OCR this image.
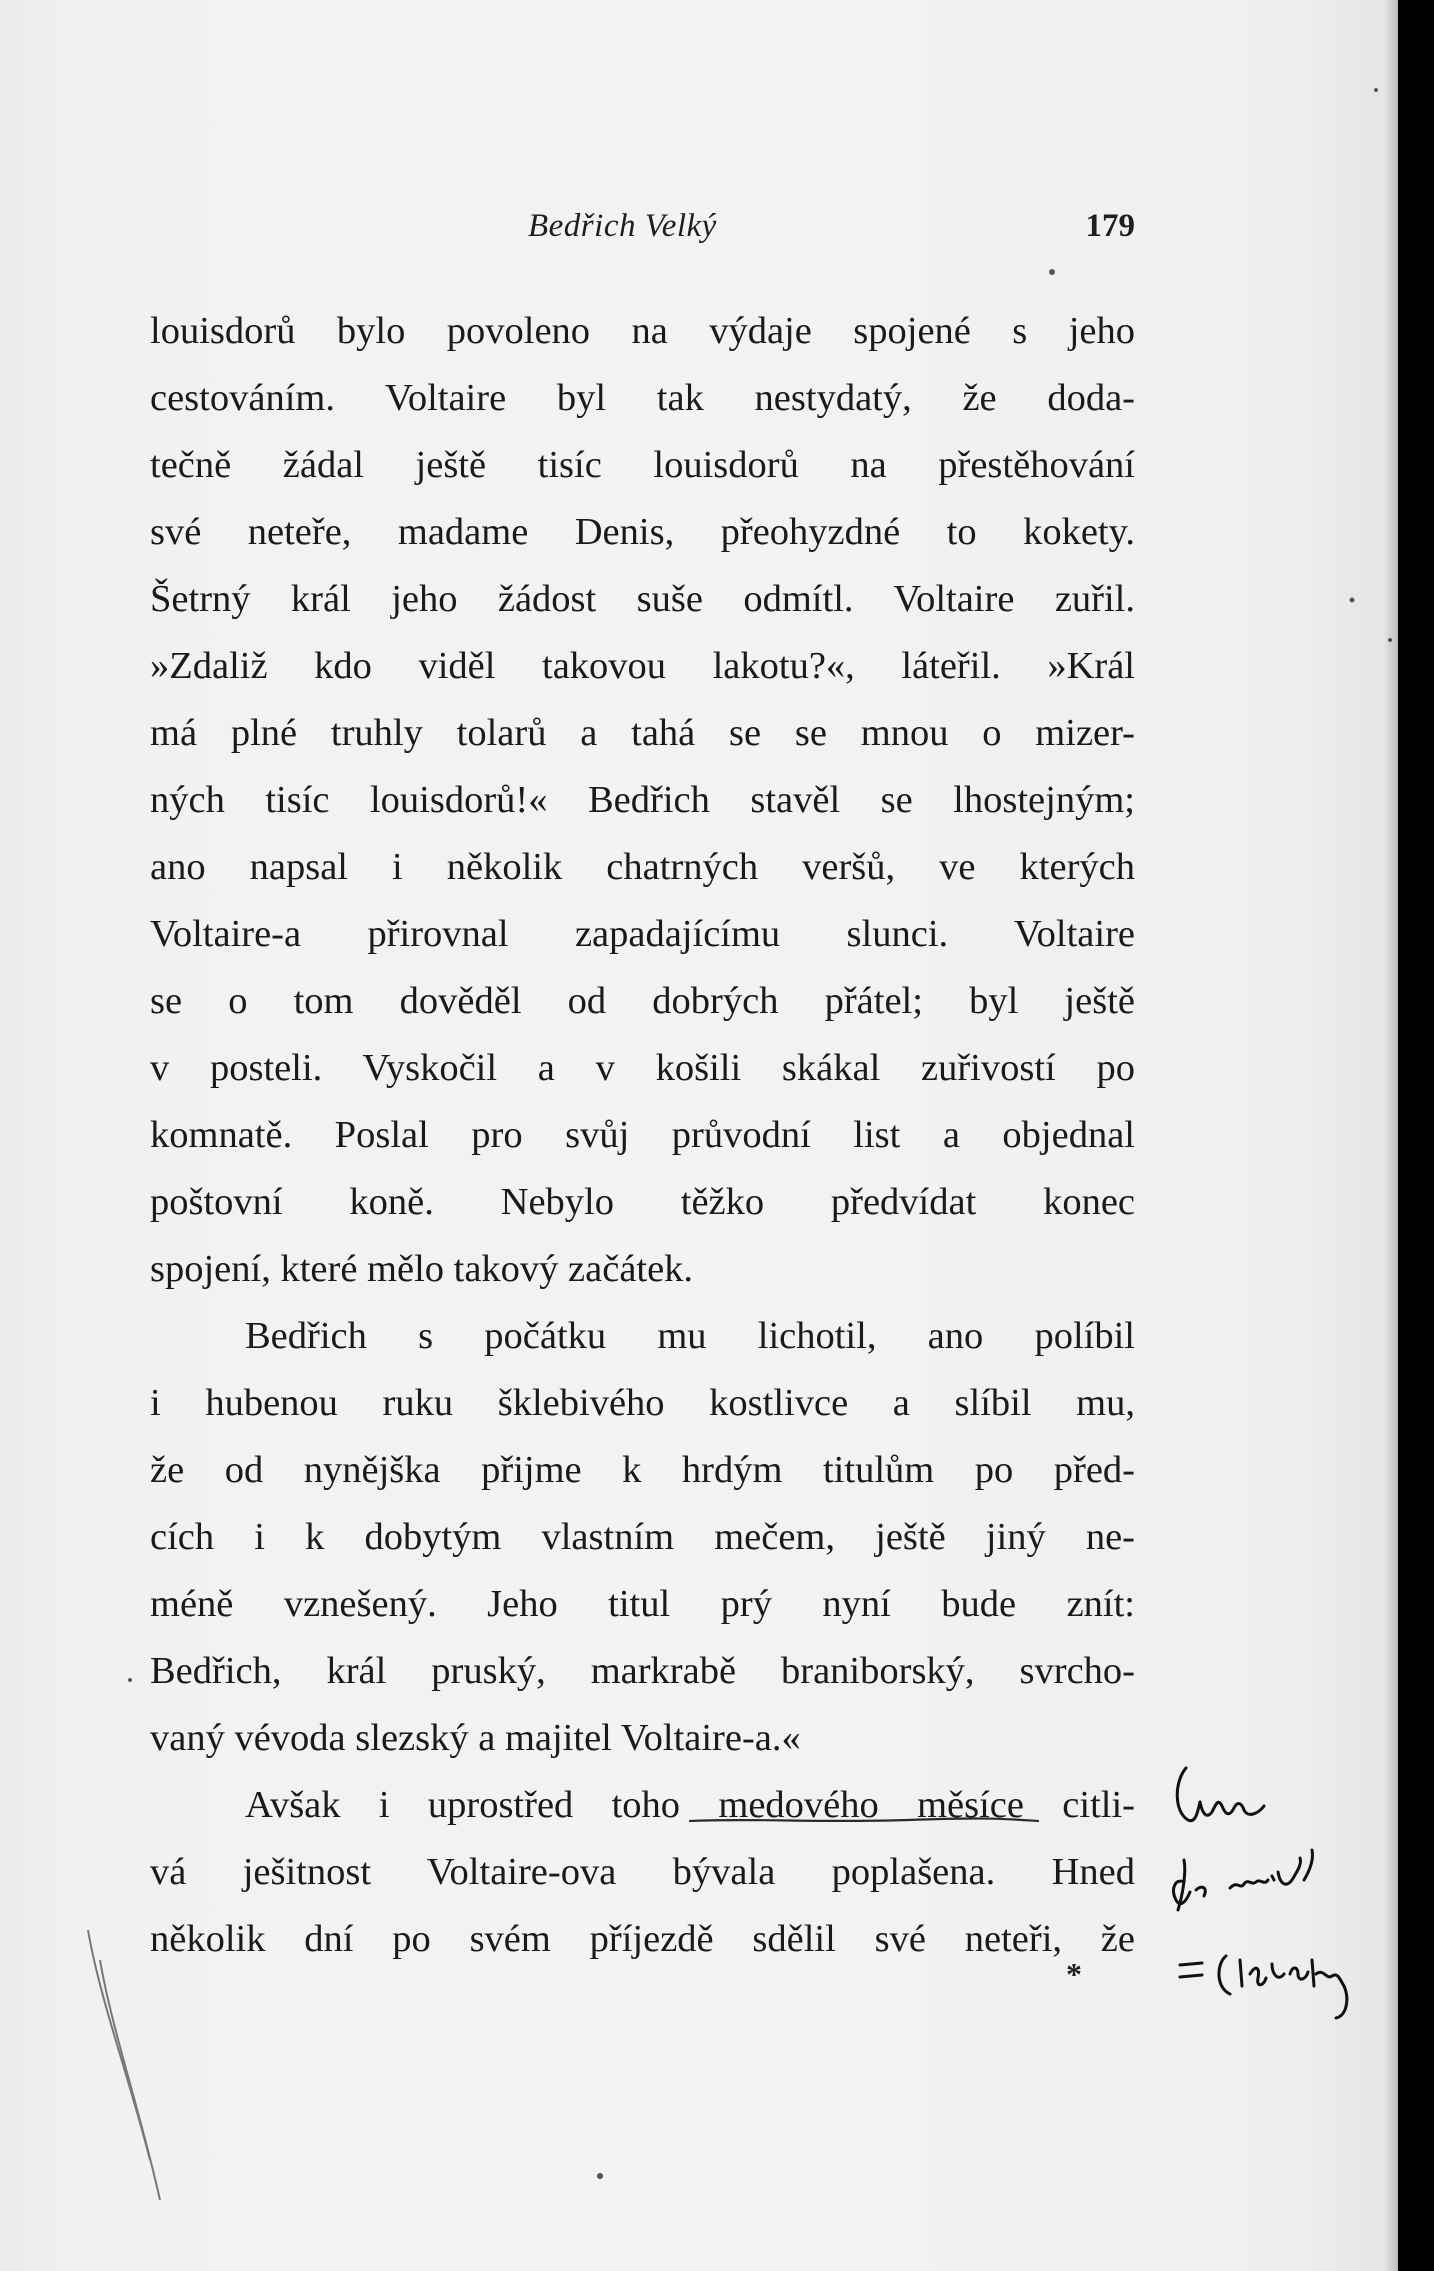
Bedřich Velký	179
louisdorů bylo povoleno na výdaje spojené s jeho
cestováním. Voltaire byl tak nestydatý, že doda-
tečně žádal ještě tisíc louisdorů na přestěhování
své neteře, madame Denis, přeohyzdné to kokety.
Šetrný král jeho žádost suše odmítl. Voltaire zuřil.
»Zdaliž kdo viděl takovou lakotu?«, láteřil. »Král
má plné truhly tolarů a tahá se se mnou o mizer-
ných tisíc louisdorů!« Bedřich stavěl se lhostejným;
ano napsal i několik chatrných veršů, ve kterých
Voltaire-a přirovnal zapadajícímu slunci. Voltaire
se o tom dověděl od dobrých přátel; byl ještě
v posteli. Vyskočil a v košili skákal zuřivostí po
komnatě. Poslal pro svůj průvodní list a objednal
poštovní koně. Nebylo těžko předvídat konec
spojení, které mělo takový začátek.
Bedřich s počátku mu lichotil, ano políbil
i hubenou ruku šklebivého kostlivce a slíbil mu,
že od nynějška přijme k hrdým titulům po před-
cích i k dobytým vlastním mečem, ještě jiný ne-
méně vznešený. Jeho titul prý nyní bude znít:
Bedřich, král pruský, markrabě braniborský, svrcho-
vaný vévoda slezský a majitel Voltaire-a.«
Avšak i uprostřed toho medového měsíce citli-
vá ješitnost Voltaire-ova bývala poplašena. Hned
několik dní po svém příjezdě sdělil své neteři, že
*
